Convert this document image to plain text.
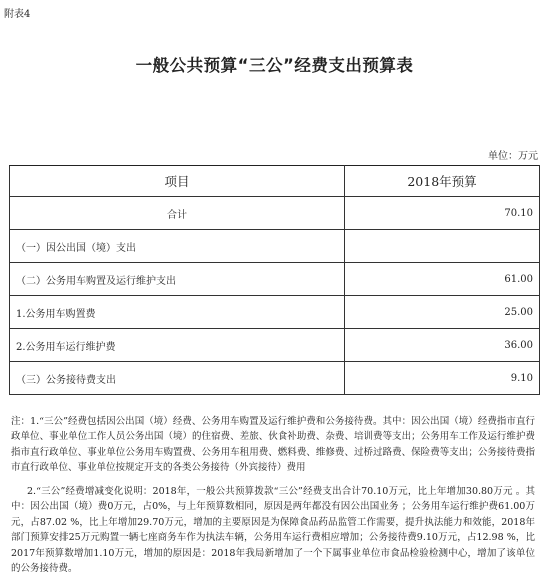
附表4
一般公共预算“三公”经费支出预算表
单位：万元
项目	2018年预算
合计	70.10
（一）因公出国（境）支出	
（二）公务用车购置及运行维护支出	61.00
1.公务用车购置费	25.00
2.公务用车运行维护费	36.00
（三）公务接待费支出	9.10

注：1.“三公”经费包括因公出国（境）经费、公务用车购置及运行维护费和公务接待费。其中：因公出国（境）经费指市直行政单位、事业单位工作人员公务出国（境）的住宿费、差旅、伙食补助费、杂费、培训费等支出；公务用车工作及运行维护费指市直行政单位、事业单位公务用车购置费、公务用车租用费、燃料费、维修费、过桥过路费、保险费等支出；公务接待费指市直行政单位、事业单位按规定开支的各类公务接待（外宾接待）费用

2.“三公”经费增减变化说明：2018年，一般公共预算拨款“三公”经费支出合计70.10万元，比上年增加30.80万元 。其中：因公出国（境）费0万元，占0%，与上年预算数相同，原因是两年都没有因公出国业务 ；公务用车运行维护费61.00万元，占87.02 %，比上年增加29.70万元，增加的主要原因是为保障食品药品监管工作需要，提升执法能力和效能，2018年部门预算安排25万元购置一辆七座商务车作为执法车辆，公务用车运行费相应增加；公务接待费9.10万元，占12.98 %，比2017年预算数增加1.10万元，增加的原因是：2018年我局新增加了一个下属事业单位市食品检验检测中心，增加了该单位的公务接待费。
